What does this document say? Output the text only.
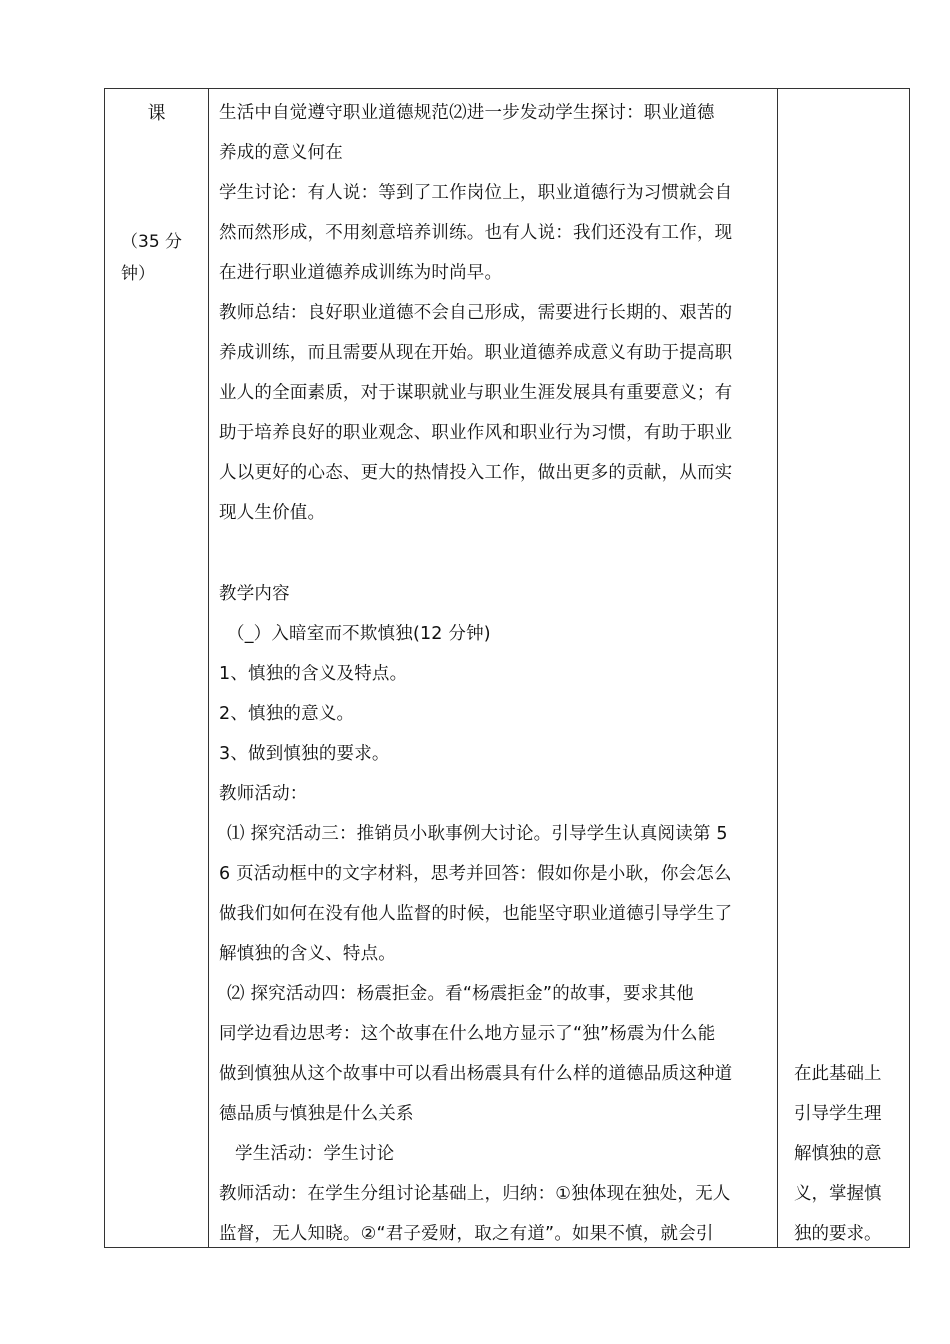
课
（35 分钟）
生活中自觉遵守职业道德规范⑵进一步发动学生探讨：职业道德
养成的意义何在
学生讨论：有人说：等到了工作岗位上，职业道德行为习惯就会自
然而然形成，不用刻意培养训练。也有人说：我们还没有工作，现
在进行职业道德养成训练为时尚早。
教师总结：良好职业道德不会自己形成，需要进行长期的、艰苦的
养成训练，而且需要从现在开始。职业道德养成意义有助于提高职
业人的全面素质，对于谋职就业与职业生涯发展具有重要意义；有
助于培养良好的职业观念、职业作风和职业行为习惯，有助于职业
人以更好的心态、更大的热情投入工作，做出更多的贡献，从而实
现人生价值。
教学内容
（_）入暗室而不欺慎独(12 分钟)
1、慎独的含义及特点。
2、慎独的意义。
3、做到慎独的要求。
教师活动：
⑴ 探究活动三：推销员小耿事例大讨论。引导学生认真阅读第 5
6 页活动框中的文字材料，思考并回答：假如你是小耿，你会怎么
做我们如何在没有他人监督的时候，也能坚守职业道德引导学生了
解慎独的含义、特点。
⑵ 探究活动四：杨震拒金。看“杨震拒金”的故事，要求其他
同学边看边思考：这个故事在什么地方显示了“独”杨震为什么能
做到慎独从这个故事中可以看出杨震具有什么样的道德品质这种道
德品质与慎独是什么关系
学生活动：学生讨论
教师活动：在学生分组讨论基础上，归纳：①独体现在独处，无人
监督，无人知晓。②“君子爱财，取之有道”。如果不慎，就会引
在此基础上
引导学生理
解慎独的意
义，掌握慎
独的要求。
